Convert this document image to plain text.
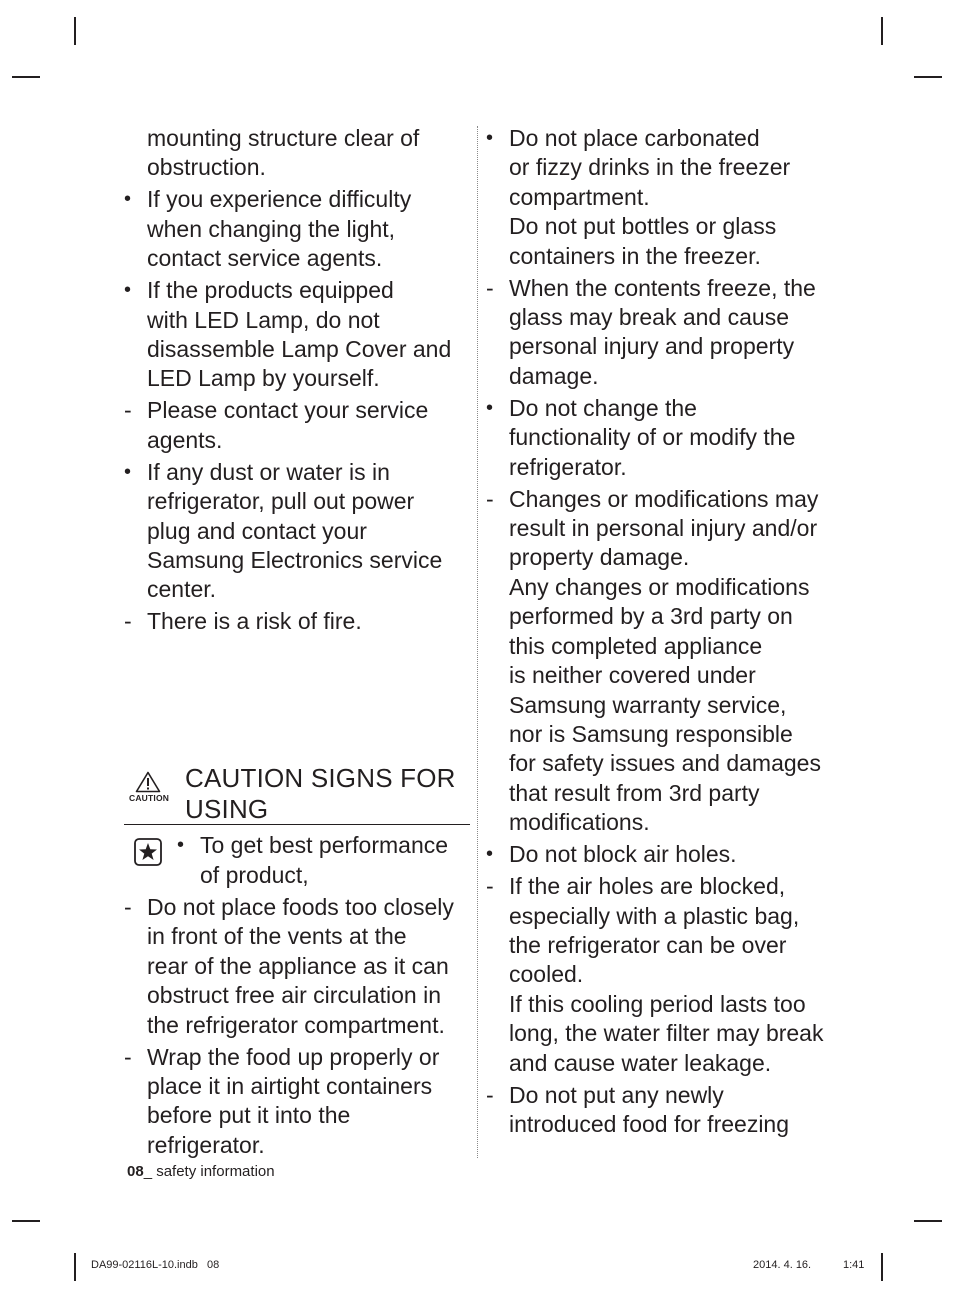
mounting structure clear of
obstruction.
• If you experience difficulty
when changing the light,
contact service agents.
• If the products equipped
with LED Lamp, do not
disassemble Lamp Cover and
LED Lamp by yourself.
- Please contact your service
agents.
• If any dust or water is in
refrigerator, pull out power
plug and contact your
Samsung Electronics service
center.
- There is a risk of fire.
CAUTION
CAUTION SIGNS FOR
USING
• To get best performance
of product,
- Do not place foods too closely
in front of the vents at the
rear of the appliance as it can
obstruct free air circulation in
the refrigerator compartment.
- Wrap the food up properly or
place it in airtight containers
before put it into the
refrigerator.
• Do not place carbonated
or fizzy drinks in the freezer
compartment.
Do not put bottles or glass
containers in the freezer.
- When the contents freeze, the
glass may break and cause
personal injury and property
damage.
• Do not change the
functionality of or modify the
refrigerator.
- Changes or modifications may
result in personal injury and/or
property damage.
Any changes or modifications
performed by a 3rd party on
this completed appliance
is neither covered under
Samsung warranty service,
nor is Samsung responsible
for safety issues and damages
that result from 3rd party
modifications.
• Do not block air holes.
- If the air holes are blocked,
especially with a plastic bag,
the refrigerator can be over
cooled.
If this cooling period lasts too
long, the water filter may break
and cause water leakage.
- Do not put any newly
introduced food for freezing
08_ safety information
DA99-02116L-10.indb   08	2014. 4. 16.	1:41
